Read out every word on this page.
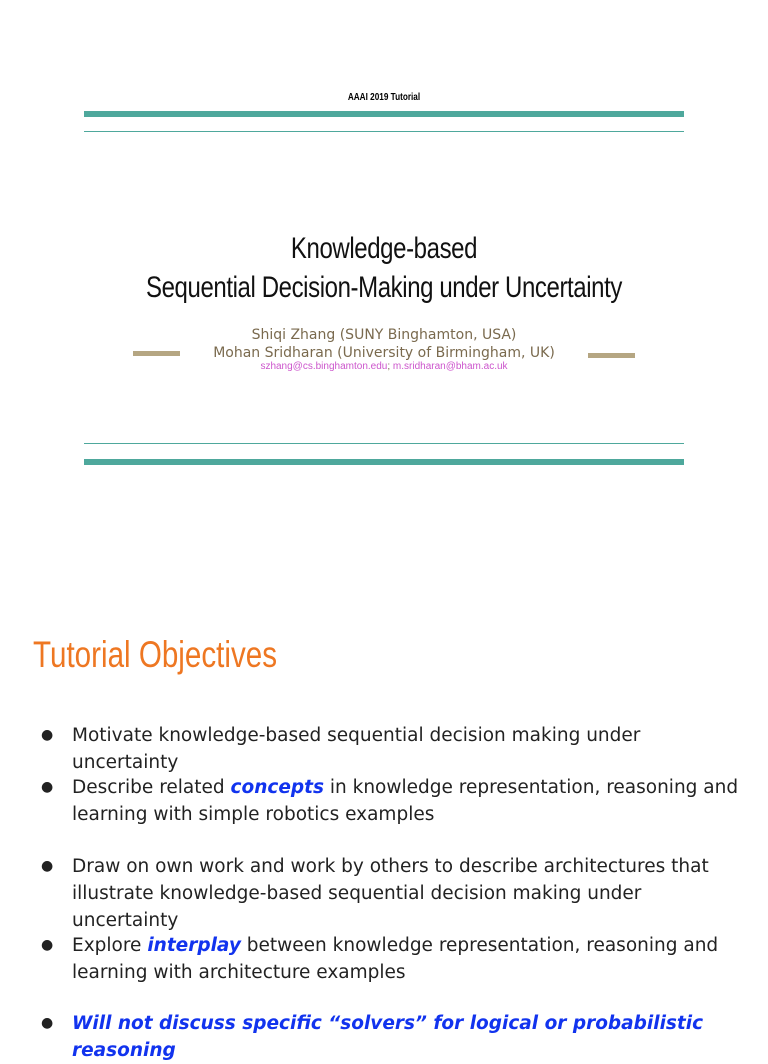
AAAI 2019 Tutorial
Knowledge-based
Sequential Decision-Making under Uncertainty
Shiqi Zhang (SUNY Binghamton, USA)
Mohan Sridharan (University of Birmingham, UK)
szhang@cs.binghamton.edu; m.sridharan@bham.ac.uk
Tutorial Objectives
● Motivate knowledge-based sequential decision making under uncertainty
● Describe related concepts in knowledge representation, reasoning and learning with simple robotics examples
● Draw on own work and work by others to describe architectures that illustrate knowledge-based sequential decision making under uncertainty
● Explore interplay between knowledge representation, reasoning and learning with architecture examples
● Will not discuss specific “solvers” for logical or probabilistic reasoning
